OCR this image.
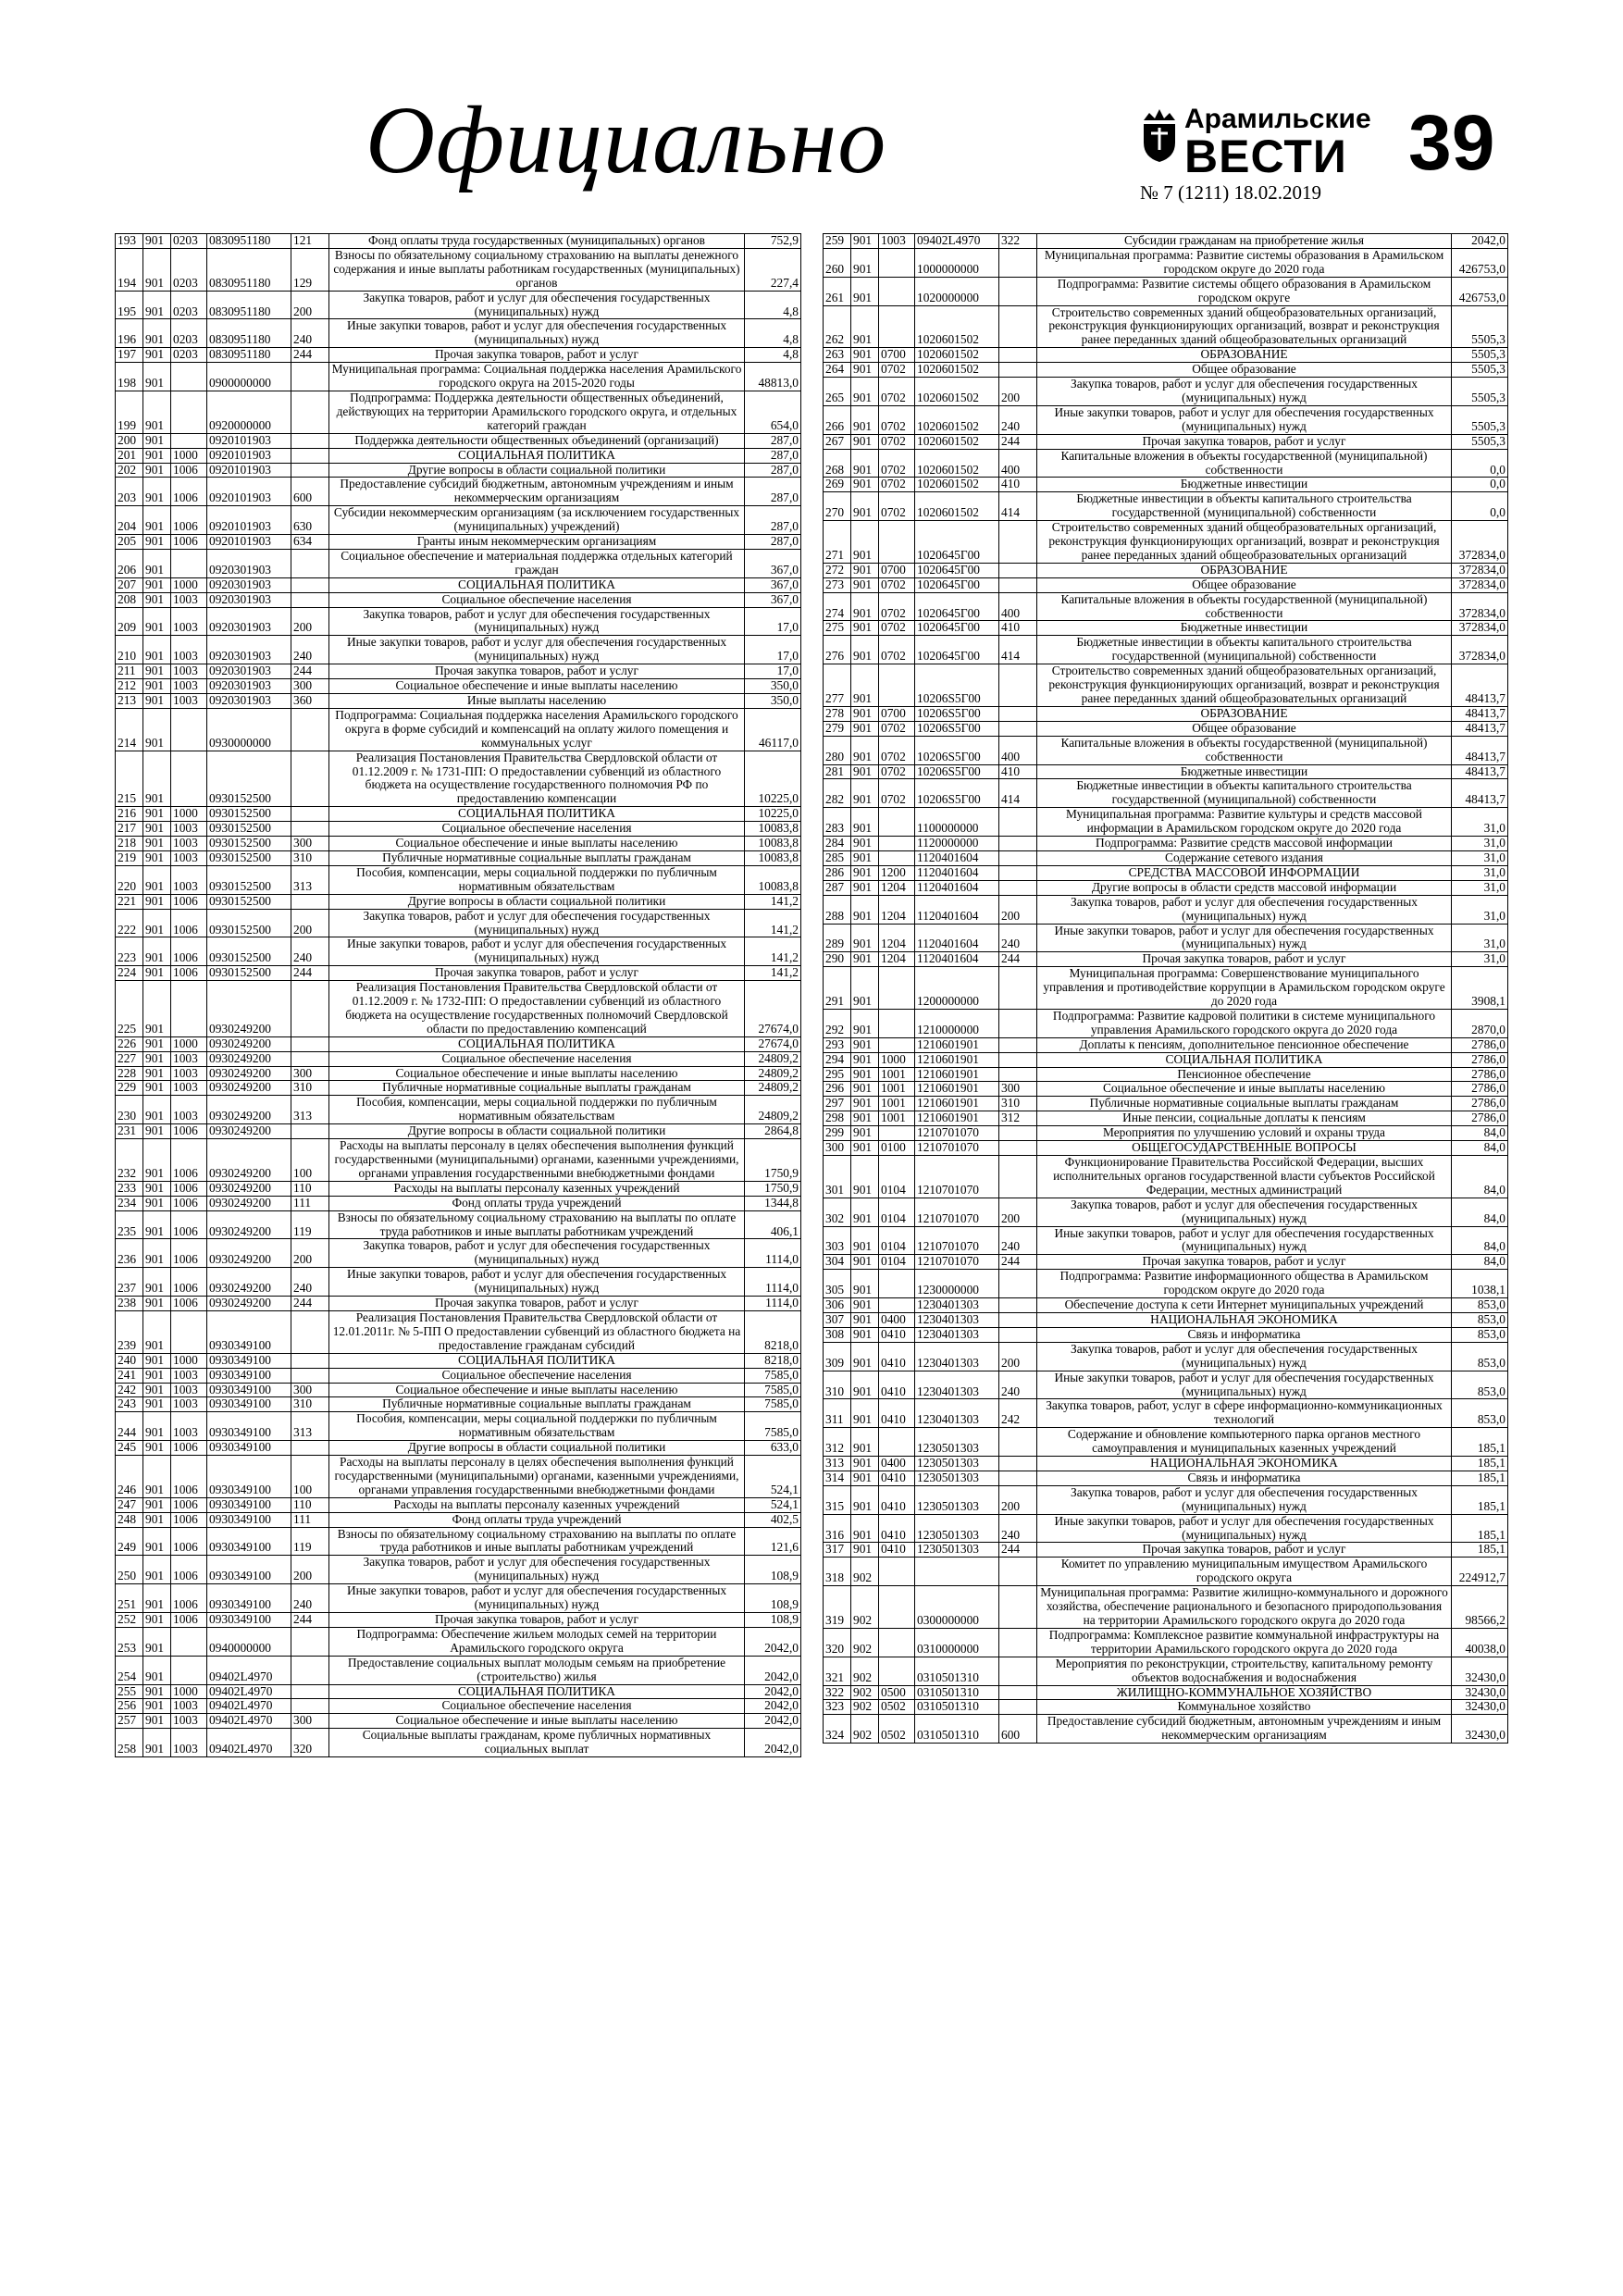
Официально	Арамильские
ВЕСТИ
№ 7 (1211) 18.02.2019
39
193	901	0203	0830951180	121	Фонд оплаты труда государственных (муниципальных) органов	752,9
194	901	0203	0830951180	129	Взносы по обязательному социальному страхованию на выплаты денежного содержания и иные выплаты работникам государственных (муниципальных) органов	227,4
195	901	0203	0830951180	200	Закупка товаров, работ и услуг для обеспечения государственных (муниципальных) нужд	4,8
196	901	0203	0830951180	240	Иные закупки товаров, работ и услуг для обеспечения государственных (муниципальных) нужд	4,8
197	901	0203	0830951180	244	Прочая закупка товаров, работ и услуг	4,8
198	901		0900000000		Муниципальная программа: Социальная поддержка населения Арамильского городского округа на 2015-2020 годы	48813,0
199	901		0920000000		Подпрограмма: Поддержка деятельности общественных объединений, действующих на территории Арамильского городского округа, и отдельных категорий граждан	654,0
200	901		0920101903		Поддержка деятельности общественных объединений (организаций)	287,0
201	901	1000	0920101903		СОЦИАЛЬНАЯ ПОЛИТИКА	287,0
202	901	1006	0920101903		Другие вопросы в области социальной политики	287,0
203	901	1006	0920101903	600	Предоставление субсидий бюджетным, автономным учреждениям и иным некоммерческим организациям	287,0
204	901	1006	0920101903	630	Субсидии некоммерческим организациям (за исключением государственных (муниципальных) учреждений)	287,0
205	901	1006	0920101903	634	Гранты иным некоммерческим организациям	287,0
206	901		0920301903		Социальное обеспечение и материальная поддержка отдельных категорий граждан	367,0
207	901	1000	0920301903		СОЦИАЛЬНАЯ ПОЛИТИКА	367,0
208	901	1003	0920301903		Социальное обеспечение населения	367,0
209	901	1003	0920301903	200	Закупка товаров, работ и услуг для обеспечения государственных (муниципальных) нужд	17,0
210	901	1003	0920301903	240	Иные закупки товаров, работ и услуг для обеспечения государственных (муниципальных) нужд	17,0
211	901	1003	0920301903	244	Прочая закупка товаров, работ и услуг	17,0
212	901	1003	0920301903	300	Социальное обеспечение и иные выплаты населению	350,0
213	901	1003	0920301903	360	Иные выплаты населению	350,0
214	901		0930000000		Подпрограмма: Социальная поддержка населения Арамильского городского округа в форме субсидий и компенсаций на оплату жилого помещения и коммунальных услуг	46117,0
215	901		0930152500		Реализация Постановления Правительства Свердловской области от 01.12.2009 г. № 1731-ПП: О предоставлении субвенций из областного бюджета на осуществление государственного полномочия РФ по предоставлению компенсации	10225,0
216	901	1000	0930152500		СОЦИАЛЬНАЯ ПОЛИТИКА	10225,0
217	901	1003	0930152500		Социальное обеспечение населения	10083,8
218	901	1003	0930152500	300	Социальное обеспечение и иные выплаты населению	10083,8
219	901	1003	0930152500	310	Публичные нормативные социальные выплаты гражданам	10083,8
220	901	1003	0930152500	313	Пособия, компенсации, меры социальной поддержки по публичным нормативным обязательствам	10083,8
221	901	1006	0930152500		Другие вопросы в области социальной политики	141,2
222	901	1006	0930152500	200	Закупка товаров, работ и услуг для обеспечения государственных (муниципальных) нужд	141,2
223	901	1006	0930152500	240	Иные закупки товаров, работ и услуг для обеспечения государственных (муниципальных) нужд	141,2
224	901	1006	0930152500	244	Прочая закупка товаров, работ и услуг	141,2
225	901		0930249200		Реализация Постановления Правительства Свердловской области от 01.12.2009 г. № 1732-ПП: О предоставлении субвенций из областного бюджета на осуществление государственных полномочий Свердловской области по предоставлению компенсаций	27674,0
226	901	1000	0930249200		СОЦИАЛЬНАЯ ПОЛИТИКА	27674,0
227	901	1003	0930249200		Социальное обеспечение населения	24809,2
228	901	1003	0930249200	300	Социальное обеспечение и иные выплаты населению	24809,2
229	901	1003	0930249200	310	Публичные нормативные социальные выплаты гражданам	24809,2
230	901	1003	0930249200	313	Пособия, компенсации, меры социальной поддержки по публичным нормативным обязательствам	24809,2
231	901	1006	0930249200		Другие вопросы в области социальной политики	2864,8
232	901	1006	0930249200	100	Расходы на выплаты персоналу в целях обеспечения выполнения функций государственными (муниципальными) органами, казенными учреждениями, органами управления государственными внебюджетными фондами	1750,9
233	901	1006	0930249200	110	Расходы на выплаты персоналу казенных учреждений	1750,9
234	901	1006	0930249200	111	Фонд оплаты труда учреждений	1344,8
235	901	1006	0930249200	119	Взносы по обязательному социальному страхованию на выплаты по оплате труда работников и иные выплаты работникам учреждений	406,1
236	901	1006	0930249200	200	Закупка товаров, работ и услуг для обеспечения государственных (муниципальных) нужд	1114,0
237	901	1006	0930249200	240	Иные закупки товаров, работ и услуг для обеспечения государственных (муниципальных) нужд	1114,0
238	901	1006	0930249200	244	Прочая закупка товаров, работ и услуг	1114,0
239	901		0930349100		Реализация Постановления Правительства Свердловской области от 12.01.2011г. № 5-ПП О предоставлении субвенций из областного бюджета на предоставление гражданам субсидий	8218,0
240	901	1000	0930349100		СОЦИАЛЬНАЯ ПОЛИТИКА	8218,0
241	901	1003	0930349100		Социальное обеспечение населения	7585,0
242	901	1003	0930349100	300	Социальное обеспечение и иные выплаты населению	7585,0
243	901	1003	0930349100	310	Публичные нормативные социальные выплаты гражданам	7585,0
244	901	1003	0930349100	313	Пособия, компенсации, меры социальной поддержки по публичным нормативным обязательствам	7585,0
245	901	1006	0930349100		Другие вопросы в области социальной политики	633,0
246	901	1006	0930349100	100	Расходы на выплаты персоналу в целях обеспечения выполнения функций государственными (муниципальными) органами, казенными учреждениями, органами управления государственными внебюджетными фондами	524,1
247	901	1006	0930349100	110	Расходы на выплаты персоналу казенных учреждений	524,1
248	901	1006	0930349100	111	Фонд оплаты труда учреждений	402,5
249	901	1006	0930349100	119	Взносы по обязательному социальному страхованию на выплаты по оплате труда работников и иные выплаты работникам учреждений	121,6
250	901	1006	0930349100	200	Закупка товаров, работ и услуг для обеспечения государственных (муниципальных) нужд	108,9
251	901	1006	0930349100	240	Иные закупки товаров, работ и услуг для обеспечения государственных (муниципальных) нужд	108,9
252	901	1006	0930349100	244	Прочая закупка товаров, работ и услуг	108,9
253	901		0940000000		Подпрограмма: Обеспечение жильем молодых семей на территории Арамильского городского округа	2042,0
254	901		09402L4970		Предоставление социальных выплат молодым семьям на приобретение (строительство) жилья	2042,0
255	901	1000	09402L4970		СОЦИАЛЬНАЯ ПОЛИТИКА	2042,0
256	901	1003	09402L4970		Социальное обеспечение населения	2042,0
257	901	1003	09402L4970	300	Социальное обеспечение и иные выплаты населению	2042,0
258	901	1003	09402L4970	320	Социальные выплаты гражданам, кроме публичных нормативных социальных выплат	2042,0
259	901	1003	09402L4970	322	Субсидии гражданам на приобретение жилья	2042,0
260	901		1000000000		Муниципальная программа: Развитие системы образования в Арамильском городском округе до 2020 года	426753,0
261	901		1020000000		Подпрограмма: Развитие системы общего образования в Арамильском городском округе	426753,0
262	901		1020601502		Строительство современных зданий общеобразовательных организаций, реконструкция функционирующих организаций, возврат и реконструкция ранее переданных зданий общеобразовательных организаций	5505,3
263	901	0700	1020601502		ОБРАЗОВАНИЕ	5505,3
264	901	0702	1020601502		Общее образование	5505,3
265	901	0702	1020601502	200	Закупка товаров, работ и услуг для обеспечения государственных (муниципальных) нужд	5505,3
266	901	0702	1020601502	240	Иные закупки товаров, работ и услуг для обеспечения государственных (муниципальных) нужд	5505,3
267	901	0702	1020601502	244	Прочая закупка товаров, работ и услуг	5505,3
268	901	0702	1020601502	400	Капитальные вложения в объекты государственной (муниципальной) собственности	0,0
269	901	0702	1020601502	410	Бюджетные инвестиции	0,0
270	901	0702	1020601502	414	Бюджетные инвестиции в объекты капитального строительства государственной (муниципальной) собственности	0,0
271	901		1020645Г00		Строительство современных зданий общеобразовательных организаций, реконструкция функционирующих организаций, возврат и реконструкция ранее переданных зданий общеобразовательных организаций	372834,0
272	901	0700	1020645Г00		ОБРАЗОВАНИЕ	372834,0
273	901	0702	1020645Г00		Общее образование	372834,0
274	901	0702	1020645Г00	400	Капитальные вложения в объекты государственной (муниципальной) собственности	372834,0
275	901	0702	1020645Г00	410	Бюджетные инвестиции	372834,0
276	901	0702	1020645Г00	414	Бюджетные инвестиции в объекты капитального строительства государственной (муниципальной) собственности	372834,0
277	901		10206S5Г00		Строительство современных зданий общеобразовательных организаций, реконструкция функционирующих организаций, возврат и реконструкция ранее переданных зданий общеобразовательных организаций	48413,7
278	901	0700	10206S5Г00		ОБРАЗОВАНИЕ	48413,7
279	901	0702	10206S5Г00		Общее образование	48413,7
280	901	0702	10206S5Г00	400	Капитальные вложения в объекты государственной (муниципальной) собственности	48413,7
281	901	0702	10206S5Г00	410	Бюджетные инвестиции	48413,7
282	901	0702	10206S5Г00	414	Бюджетные инвестиции в объекты капитального строительства государственной (муниципальной) собственности	48413,7
283	901		1100000000		Муниципальная программа: Развитие культуры и средств массовой информации в Арамильском городском округе до 2020 года	31,0
284	901		1120000000		Подпрограмма: Развитие средств массовой информации	31,0
285	901		1120401604		Содержание сетевого издания	31,0
286	901	1200	1120401604		СРЕДСТВА МАССОВОЙ ИНФОРМАЦИИ	31,0
287	901	1204	1120401604		Другие вопросы в области средств массовой информации	31,0
288	901	1204	1120401604	200	Закупка товаров, работ и услуг для обеспечения государственных (муниципальных) нужд	31,0
289	901	1204	1120401604	240	Иные закупки товаров, работ и услуг для обеспечения государственных (муниципальных) нужд	31,0
290	901	1204	1120401604	244	Прочая закупка товаров, работ и услуг	31,0
291	901		1200000000		Муниципальная программа: Совершенствование муниципального управления и противодействие коррупции в Арамильском городском округе до 2020 года	3908,1
292	901		1210000000		Подпрограмма: Развитие кадровой политики в системе муниципального управления Арамильского городского округа до 2020 года	2870,0
293	901		1210601901		Доплаты к пенсиям, дополнительное пенсионное обеспечение	2786,0
294	901	1000	1210601901		СОЦИАЛЬНАЯ ПОЛИТИКА	2786,0
295	901	1001	1210601901		Пенсионное обеспечение	2786,0
296	901	1001	1210601901	300	Социальное обеспечение и иные выплаты населению	2786,0
297	901	1001	1210601901	310	Публичные нормативные социальные выплаты гражданам	2786,0
298	901	1001	1210601901	312	Иные пенсии, социальные доплаты к пенсиям	2786,0
299	901		1210701070		Мероприятия по улучшению условий и охраны труда	84,0
300	901	0100	1210701070		ОБЩЕГОСУДАРСТВЕННЫЕ ВОПРОСЫ	84,0
301	901	0104	1210701070		Функционирование Правительства Российской Федерации, высших исполнительных органов государственной власти субъектов Российской Федерации, местных администраций	84,0
302	901	0104	1210701070	200	Закупка товаров, работ и услуг для обеспечения государственных (муниципальных) нужд	84,0
303	901	0104	1210701070	240	Иные закупки товаров, работ и услуг для обеспечения государственных (муниципальных) нужд	84,0
304	901	0104	1210701070	244	Прочая закупка товаров, работ и услуг	84,0
305	901		1230000000		Подпрограмма: Развитие информационного общества в Арамильском городском округе до 2020 года	1038,1
306	901		1230401303		Обеспечение доступа к сети Интернет муниципальных учреждений	853,0
307	901	0400	1230401303		НАЦИОНАЛЬНАЯ ЭКОНОМИКА	853,0
308	901	0410	1230401303		Связь и информатика	853,0
309	901	0410	1230401303	200	Закупка товаров, работ и услуг для обеспечения государственных (муниципальных) нужд	853,0
310	901	0410	1230401303	240	Иные закупки товаров, работ и услуг для обеспечения государственных (муниципальных) нужд	853,0
311	901	0410	1230401303	242	Закупка товаров, работ, услуг в сфере информационно-коммуникационных технологий	853,0
312	901		1230501303		Содержание и обновление компьютерного парка органов местного самоуправления и муниципальных казенных учреждений	185,1
313	901	0400	1230501303		НАЦИОНАЛЬНАЯ ЭКОНОМИКА	185,1
314	901	0410	1230501303		Связь и информатика	185,1
315	901	0410	1230501303	200	Закупка товаров, работ и услуг для обеспечения государственных (муниципальных) нужд	185,1
316	901	0410	1230501303	240	Иные закупки товаров, работ и услуг для обеспечения государственных (муниципальных) нужд	185,1
317	901	0410	1230501303	244	Прочая закупка товаров, работ и услуг	185,1
318	902				Комитет по управлению муниципальным имуществом Арамильского городского округа	224912,7
319	902		0300000000		Муниципальная программа: Развитие жилищно-коммунального и дорожного хозяйства, обеспечение рационального и безопасного природопользования на территории Арамильского городского округа до 2020 года	98566,2
320	902		0310000000		Подпрограмма: Комплексное развитие коммунальной инфраструктуры на территории Арамильского городского округа до 2020 года	40038,0
321	902		0310501310		Мероприятия по реконструкции, строительству, капитальному ремонту объектов водоснабжения и водоснабжения	32430,0
322	902	0500	0310501310		ЖИЛИЩНО-КОММУНАЛЬНОЕ ХОЗЯЙСТВО	32430,0
323	902	0502	0310501310		Коммунальное хозяйство	32430,0
324	902	0502	0310501310	600	Предоставление субсидий бюджетным, автономным учреждениям и иным некоммерческим организациям	32430,0
